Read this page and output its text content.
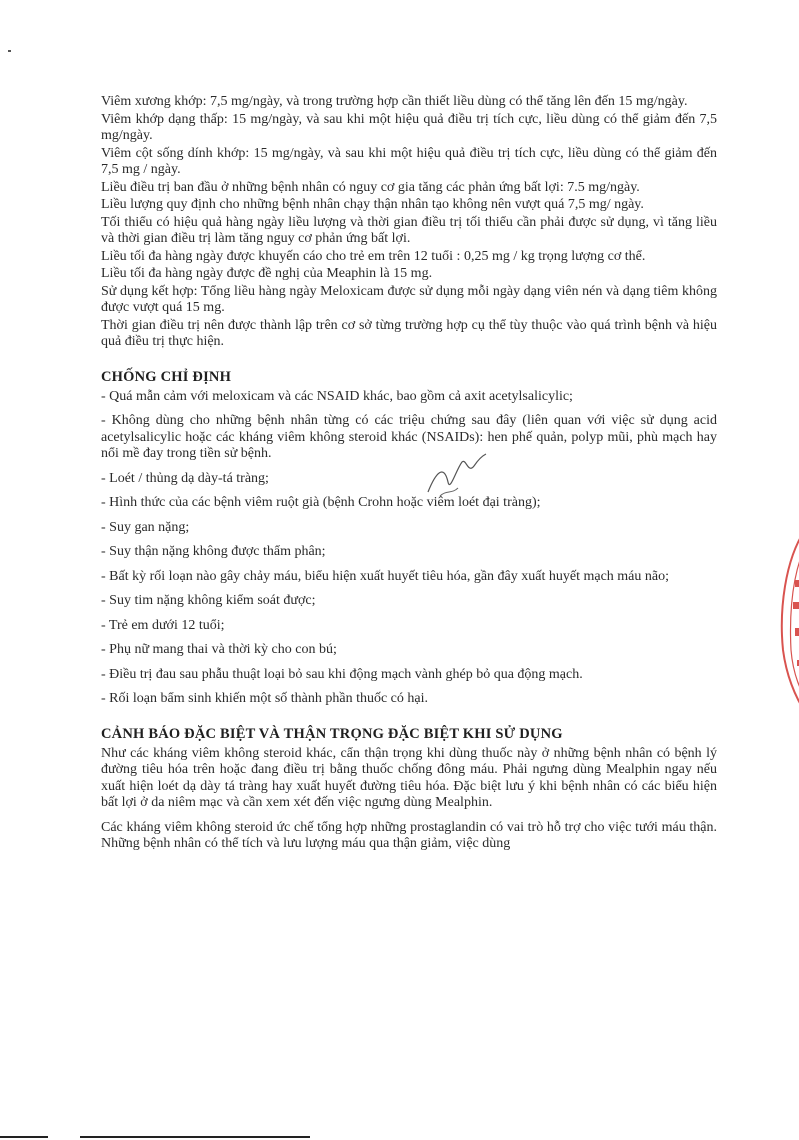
Viêm xương khớp: 7,5 mg/ngày, và trong trường hợp cần thiết liều dùng có thể tăng lên đến 15 mg/ngày.

Viêm khớp dạng thấp: 15 mg/ngày, và sau khi một hiệu quả điều trị tích cực, liều dùng có thể giảm đến 7,5 mg/ngày.

Viêm cột sống dính khớp: 15 mg/ngày, và sau khi một hiệu quả điều trị tích cực, liều dùng có thể giảm đến 7,5 mg / ngày.

Liều điều trị ban đầu ở những bệnh nhân có nguy cơ gia tăng các phản ứng bất lợi: 7.5 mg/ngày.

Liều lượng quy định cho những bệnh nhân chạy thận nhân tạo không nên vượt quá 7,5 mg/ ngày.

Tối thiểu có hiệu quả hàng ngày liều lượng và thời gian điều trị tối thiểu cần phải được sử dụng, vì tăng liều và thời gian điều trị làm tăng nguy cơ phản ứng bất lợi.

Liều tối đa hàng ngày được khuyến cáo cho trẻ em trên 12 tuổi : 0,25 mg / kg trọng lượng cơ thể.

Liều tối đa hàng ngày được đề nghị của Meaphin là 15 mg.

Sử dụng kết hợp: Tổng liều hàng ngày Meloxicam được sử dụng mỗi ngày dạng viên nén và dạng tiêm không được vượt quá 15 mg.

Thời gian điều trị nên được thành lập trên cơ sở từng trường hợp cụ thể tùy thuộc vào quá trình bệnh và hiệu quả điều trị thực hiện.

CHỐNG CHỈ ĐỊNH

- Quá mẫn cảm với meloxicam và các NSAID khác, bao gồm cả axit acetylsalicylic;

- Không dùng cho những bệnh nhân từng có các triệu chứng sau đây (liên quan với việc sử dụng acid acetylsalicylic hoặc các kháng viêm không steroid khác (NSAIDs): hen phế quản, polyp mũi, phù mạch hay nổi mề đay trong tiền sử bệnh.

- Loét / thủng dạ dày-tá tràng;

- Hình thức của các bệnh viêm ruột già (bệnh Crohn hoặc viêm loét đại tràng);

- Suy gan nặng;

- Suy thận nặng không được thẩm phân;

- Bất kỳ rối loạn nào gây chảy máu, biểu hiện xuất huyết tiêu hóa, gần đây xuất huyết mạch máu não;

- Suy tim nặng không kiểm soát được;

- Trẻ em dưới 12 tuổi;

- Phụ nữ mang thai và thời kỳ cho con bú;

- Điều trị đau sau phẫu thuật loại bỏ sau khi động mạch vành ghép bỏ qua động mạch.

- Rối loạn bẩm sinh khiến một số thành phần thuốc có hại.

CẢNH BÁO ĐẶC BIỆT VÀ THẬN TRỌNG ĐẶC BIỆT KHI SỬ DỤNG

Như các kháng viêm không steroid khác, cẩn thận trọng khi dùng thuốc này ở những bệnh nhân có bệnh lý đường tiêu hóa trên hoặc đang điều trị bằng thuốc chống đông máu. Phải ngưng dùng Mealphin ngay nếu xuất hiện loét dạ dày tá tràng hay xuất huyết đường tiêu hóa. Đặc biệt lưu ý khi bệnh nhân có các biểu hiện bất lợi ở da niêm mạc và cần xem xét đến việc ngưng dùng Mealphin.

Các kháng viêm không steroid ức chế tổng hợp những prostaglandin có vai trò hỗ trợ cho việc tưới máu thận. Những bệnh nhân có thể tích và lưu lượng máu qua thận giảm, việc dùng
